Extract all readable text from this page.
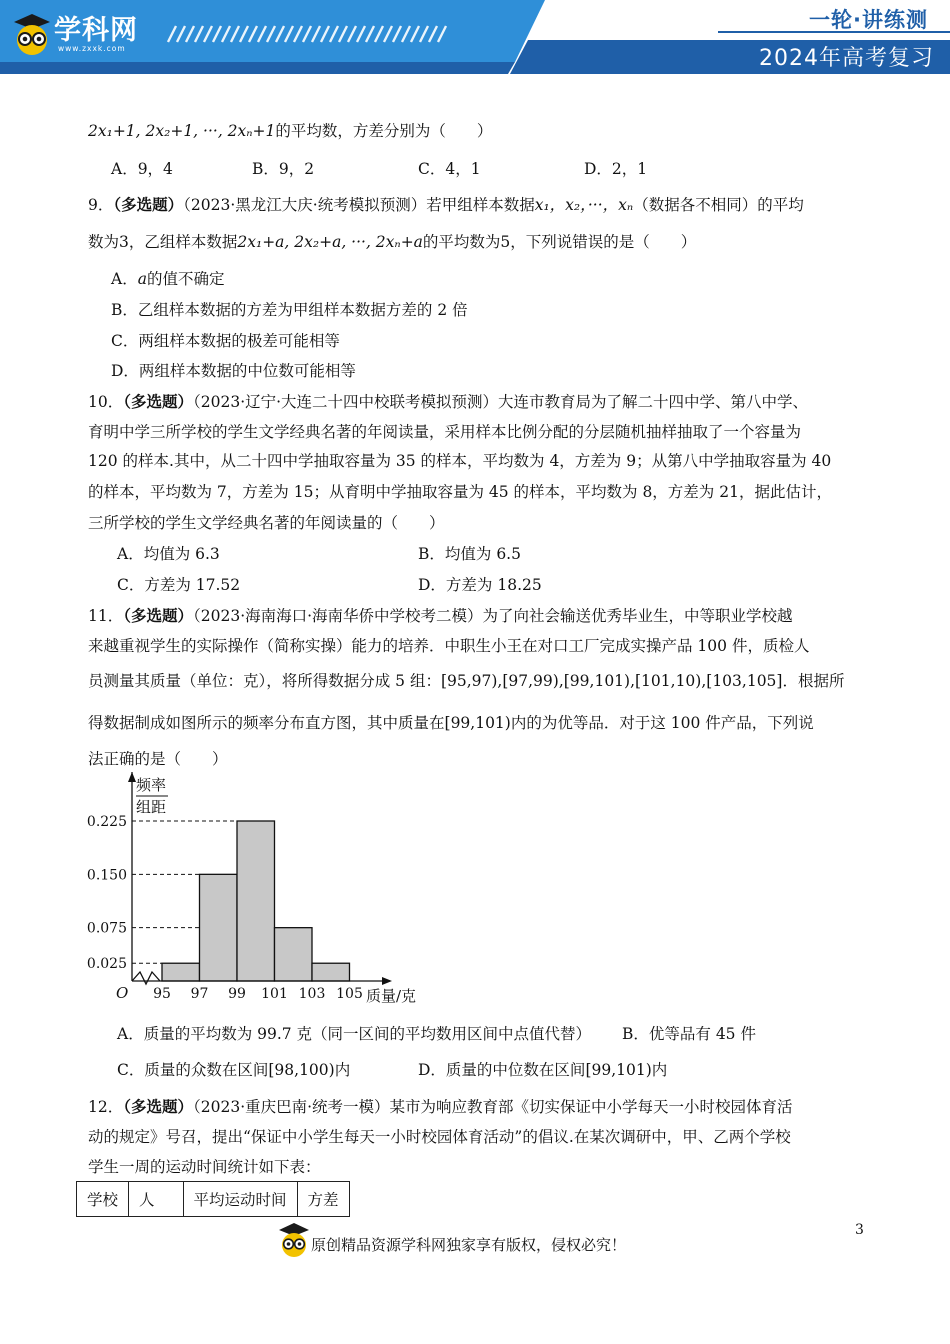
学科网
www.zxxk.com
一轮·讲练测
2024年高考复习
2x₁+1, 2x₂+1, ···, 2xₙ+1的平均数，方差分别为（　　）
A．9，4	B．9，2	C．4，1	D．2，1
9．（多选题）（2023·黑龙江大庆·统考模拟预测）若甲组样本数据x₁，x₂，···，xₙ（数据各不相同）的平均
数为3，乙组样本数据2x₁+a, 2x₂+a, ···, 2xₙ+a的平均数为5，下列说错误的是（　　）
A．a的值不确定
B．乙组样本数据的方差为甲组样本数据方差的 2 倍
C．两组样本数据的极差可能相等
D．两组样本数据的中位数可能相等
10．（多选题）（2023·辽宁·大连二十四中校联考模拟预测）大连市教育局为了解二十四中学、第八中学、
育明中学三所学校的学生文学经典名著的年阅读量，采用样本比例分配的分层随机抽样抽取了一个容量为
120 的样本.其中，从二十四中学抽取容量为 35 的样本，平均数为 4，方差为 9；从第八中学抽取容量为 40
的样本，平均数为 7，方差为 15；从育明中学抽取容量为 45 的样本，平均数为 8，方差为 21，据此估计，
三所学校的学生文学经典名著的年阅读量的（　　）
A．均值为 6.3	B．均值为 6.5
C．方差为 17.52	D．方差为 18.25
11．（多选题）（2023·海南海口·海南华侨中学校考二模）为了向社会输送优秀毕业生，中等职业学校越
来越重视学生的实际操作（简称实操）能力的培养．中职生小王在对口工厂完成实操产品 100 件，质检人
员测量其质量（单位：克），将所得数据分成 5 组：[95,97),[97,99),[99,101),[101,10),[103,105]．根据所
得数据制成如图所示的频率分布直方图，其中质量在[99,101)内的为优等品．对于这 100 件产品，下列说
法正确的是（　　）
0.025
0.075
0.150
0.225
95 97 99 101 103 105
频率
组距
O	质量/克
A．质量的平均数为 99.7 克（同一区间的平均数用区间中点值代替） B．优等品有 45 件
C．质量的众数在区间[98,100)内	D．质量的中位数在区间[99,101)内
12．（多选题）（2023·重庆巴南·统考一模）某市为响应教育部《切实保证中小学每天一小时校园体育活
动的规定》号召，提出“保证中小学生每天一小时校园体育活动”的倡议.在某次调研中，甲、乙两个学校
学生一周的运动时间统计如下表：
学校	人	平均运动时间	方差
原创精品资源学科网独家享有版权，侵权必究！
3
